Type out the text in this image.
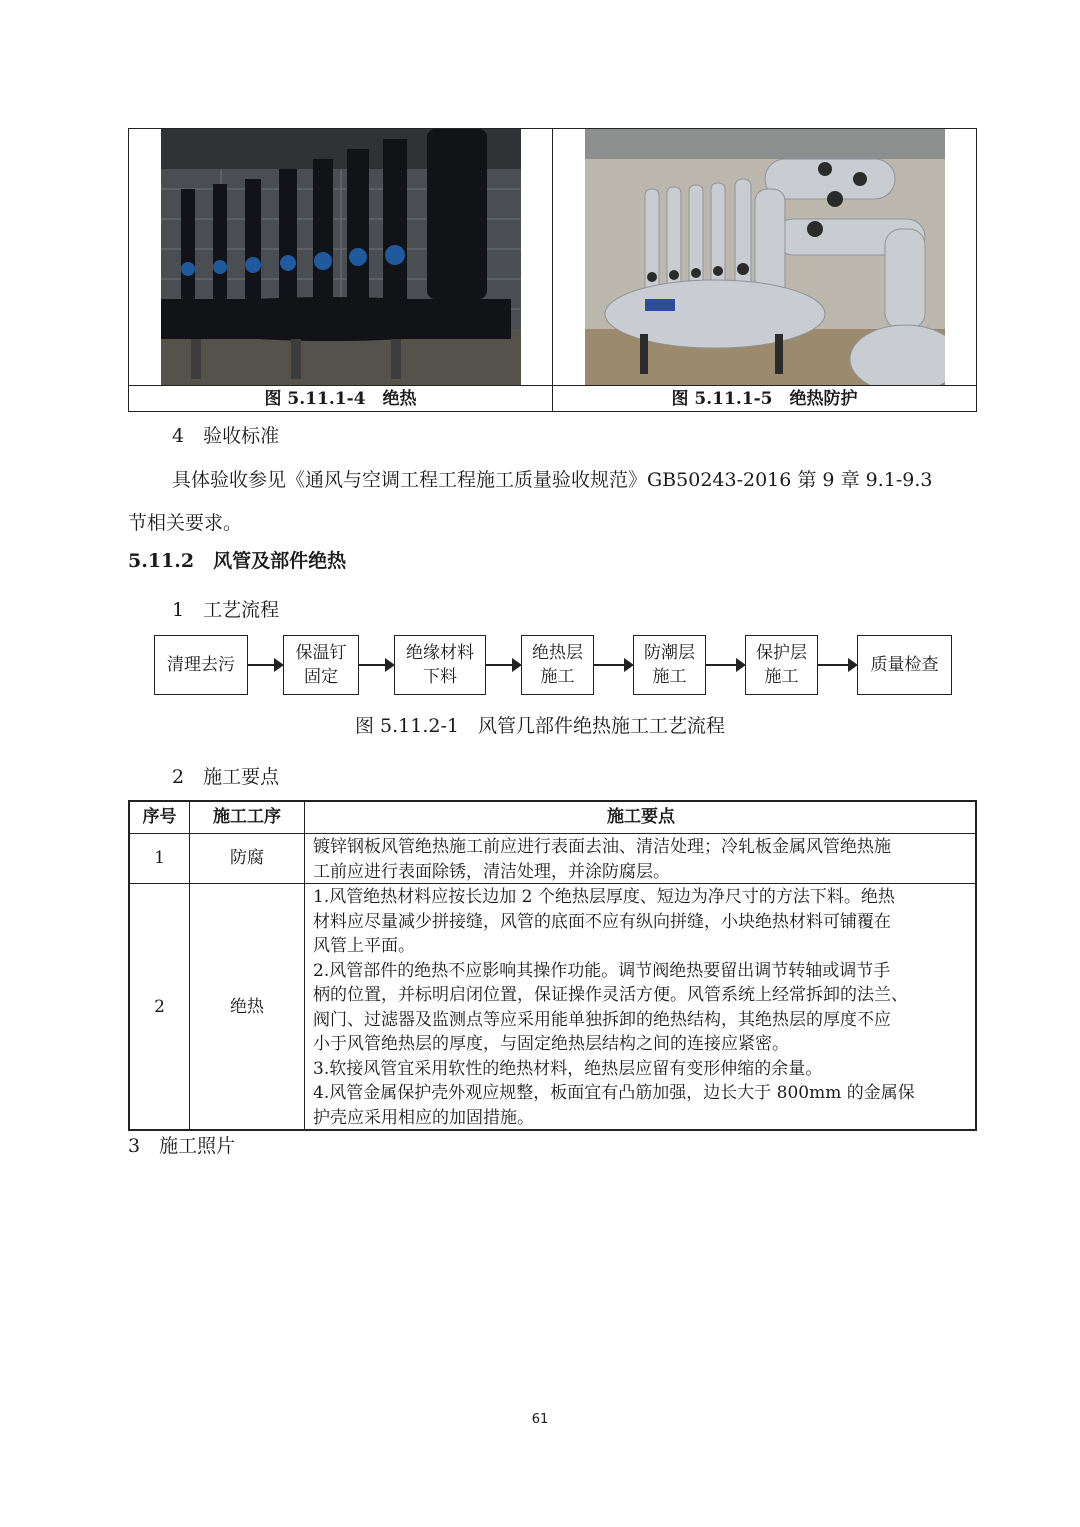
图 5.11.1-4　绝热	图 5.11.1-5　绝热防护
4　验收标准
具体验收参见《通风与空调工程工程施工质量验收规范》GB50243-2016 第 9 章 9.1-9.3
节相关要求。
5.11.2　风管及部件绝热
1　工艺流程
清理去污
保温钉
固定
绝缘材料
下料
绝热层
施工
防潮层
施工
保护层
施工
质量检查
图 5.11.2-1　风管几部件绝热施工工艺流程
2　施工要点
序号	施工工序	施工要点
1	防腐
镀锌钢板风管绝热施工前应进行表面去油、清洁处理；冷轧板金属风管绝热施
工前应进行表面除锈，清洁处理，并涂防腐层。
2	绝热
1.风管绝热材料应按长边加 2 个绝热层厚度、短边为净尺寸的方法下料。绝热
材料应尽量减少拼接缝，风管的底面不应有纵向拼缝，小块绝热材料可铺覆在
风管上平面。
2.风管部件的绝热不应影响其操作功能。调节阀绝热要留出调节转轴或调节手
柄的位置，并标明启闭位置，保证操作灵活方便。风管系统上经常拆卸的法兰、
阀门、过滤器及监测点等应采用能单独拆卸的绝热结构，其绝热层的厚度不应
小于风管绝热层的厚度，与固定绝热层结构之间的连接应紧密。
3.软接风管宜采用软性的绝热材料，绝热层应留有变形伸缩的余量。
4.风管金属保护壳外观应规整，板面宜有凸筋加强，边长大于 800mm 的金属保
护壳应采用相应的加固措施。
3　施工照片
61
